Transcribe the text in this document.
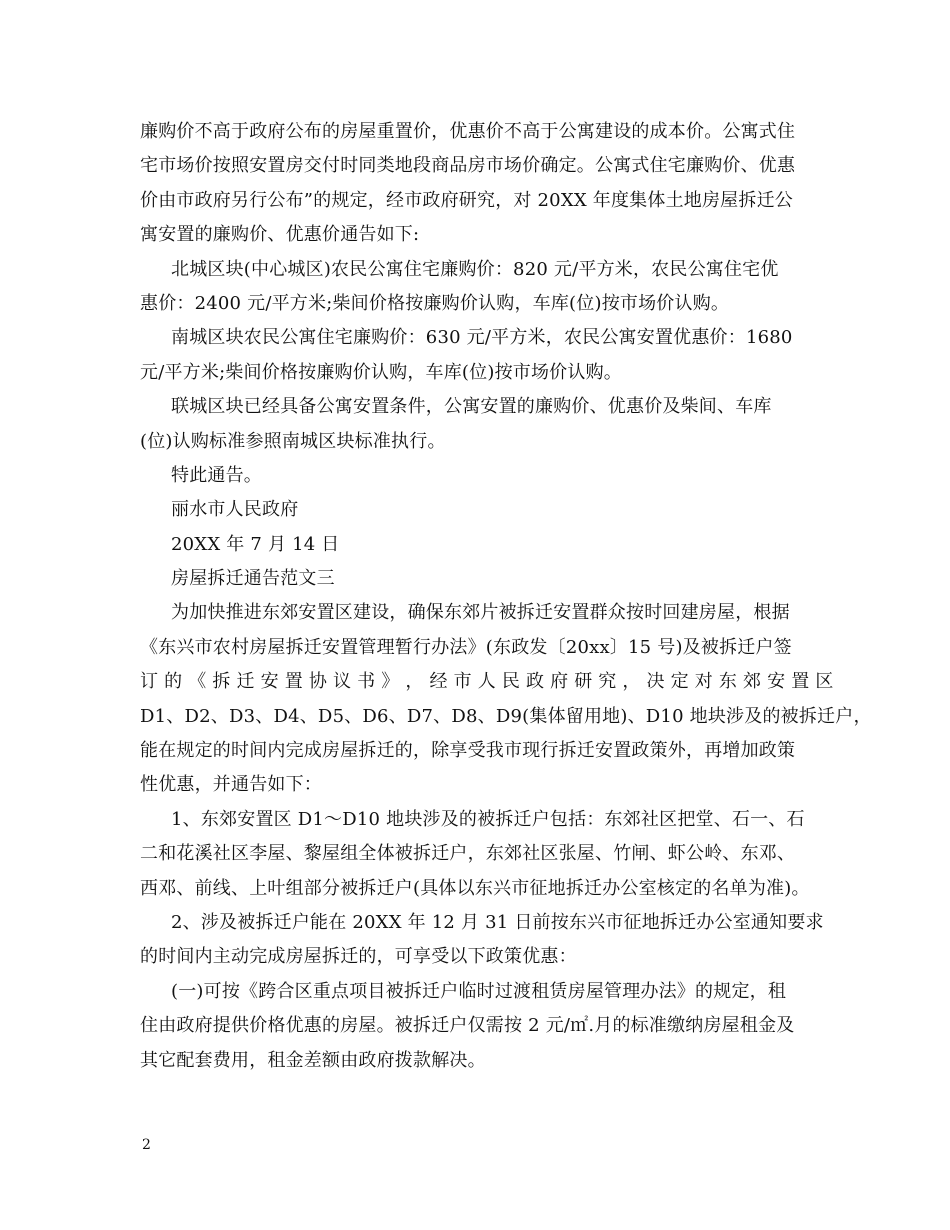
廉购价不高于政府公布的房屋重置价，优惠价不高于公寓建设的成本价。公寓式住
宅市场价按照安置房交付时同类地段商品房市场价确定。公寓式住宅廉购价、优惠
价由市政府另行公布”的规定，经市政府研究，对 20XX 年度集体土地房屋拆迁公
寓安置的廉购价、优惠价通告如下:
北城区块(中心城区)农民公寓住宅廉购价：820 元/平方米，农民公寓住宅优
惠价：2400 元/平方米;柴间价格按廉购价认购，车库(位)按市场价认购。
南城区块农民公寓住宅廉购价：630 元/平方米，农民公寓安置优惠价：1680
元/平方米;柴间价格按廉购价认购，车库(位)按市场价认购。
联城区块已经具备公寓安置条件，公寓安置的廉购价、优惠价及柴间、车库
(位)认购标准参照南城区块标准执行。
特此通告。
丽水市人民政府
20XX 年 7 月 14 日
房屋拆迁通告范文三
为加快推进东郊安置区建设，确保东郊片被拆迁安置群众按时回建房屋，根据
《东兴市农村房屋拆迁安置管理暂行办法》(东政发〔20xx〕15 号)及被拆迁户签
订 的 《 拆 迁 安 置 协 议 书 》 ， 经 市 人 民 政 府 研 究 ， 决 定 对 东 郊 安 置 区
D1、D2、D3、D4、D5、D6、D7、D8、D9(集体留用地)、D10 地块涉及的被拆迁户，
能在规定的时间内完成房屋拆迁的，除享受我市现行拆迁安置政策外，再增加政策
性优惠，并通告如下：
1、东郊安置区 D1～D10 地块涉及的被拆迁户包括：东郊社区把堂、石一、石
二和花溪社区李屋、黎屋组全体被拆迁户，东郊社区张屋、竹闸、虾公岭、东邓、
西邓、前线、上叶组部分被拆迁户(具体以东兴市征地拆迁办公室核定的名单为准)。
2、涉及被拆迁户能在 20XX 年 12 月 31 日前按东兴市征地拆迁办公室通知要求
的时间内主动完成房屋拆迁的，可享受以下政策优惠：
(一)可按《跨合区重点项目被拆迁户临时过渡租赁房屋管理办法》的规定，租
住由政府提供价格优惠的房屋。被拆迁户仅需按 2 元/㎡.月的标准缴纳房屋租金及
其它配套费用，租金差额由政府拨款解决。
2
